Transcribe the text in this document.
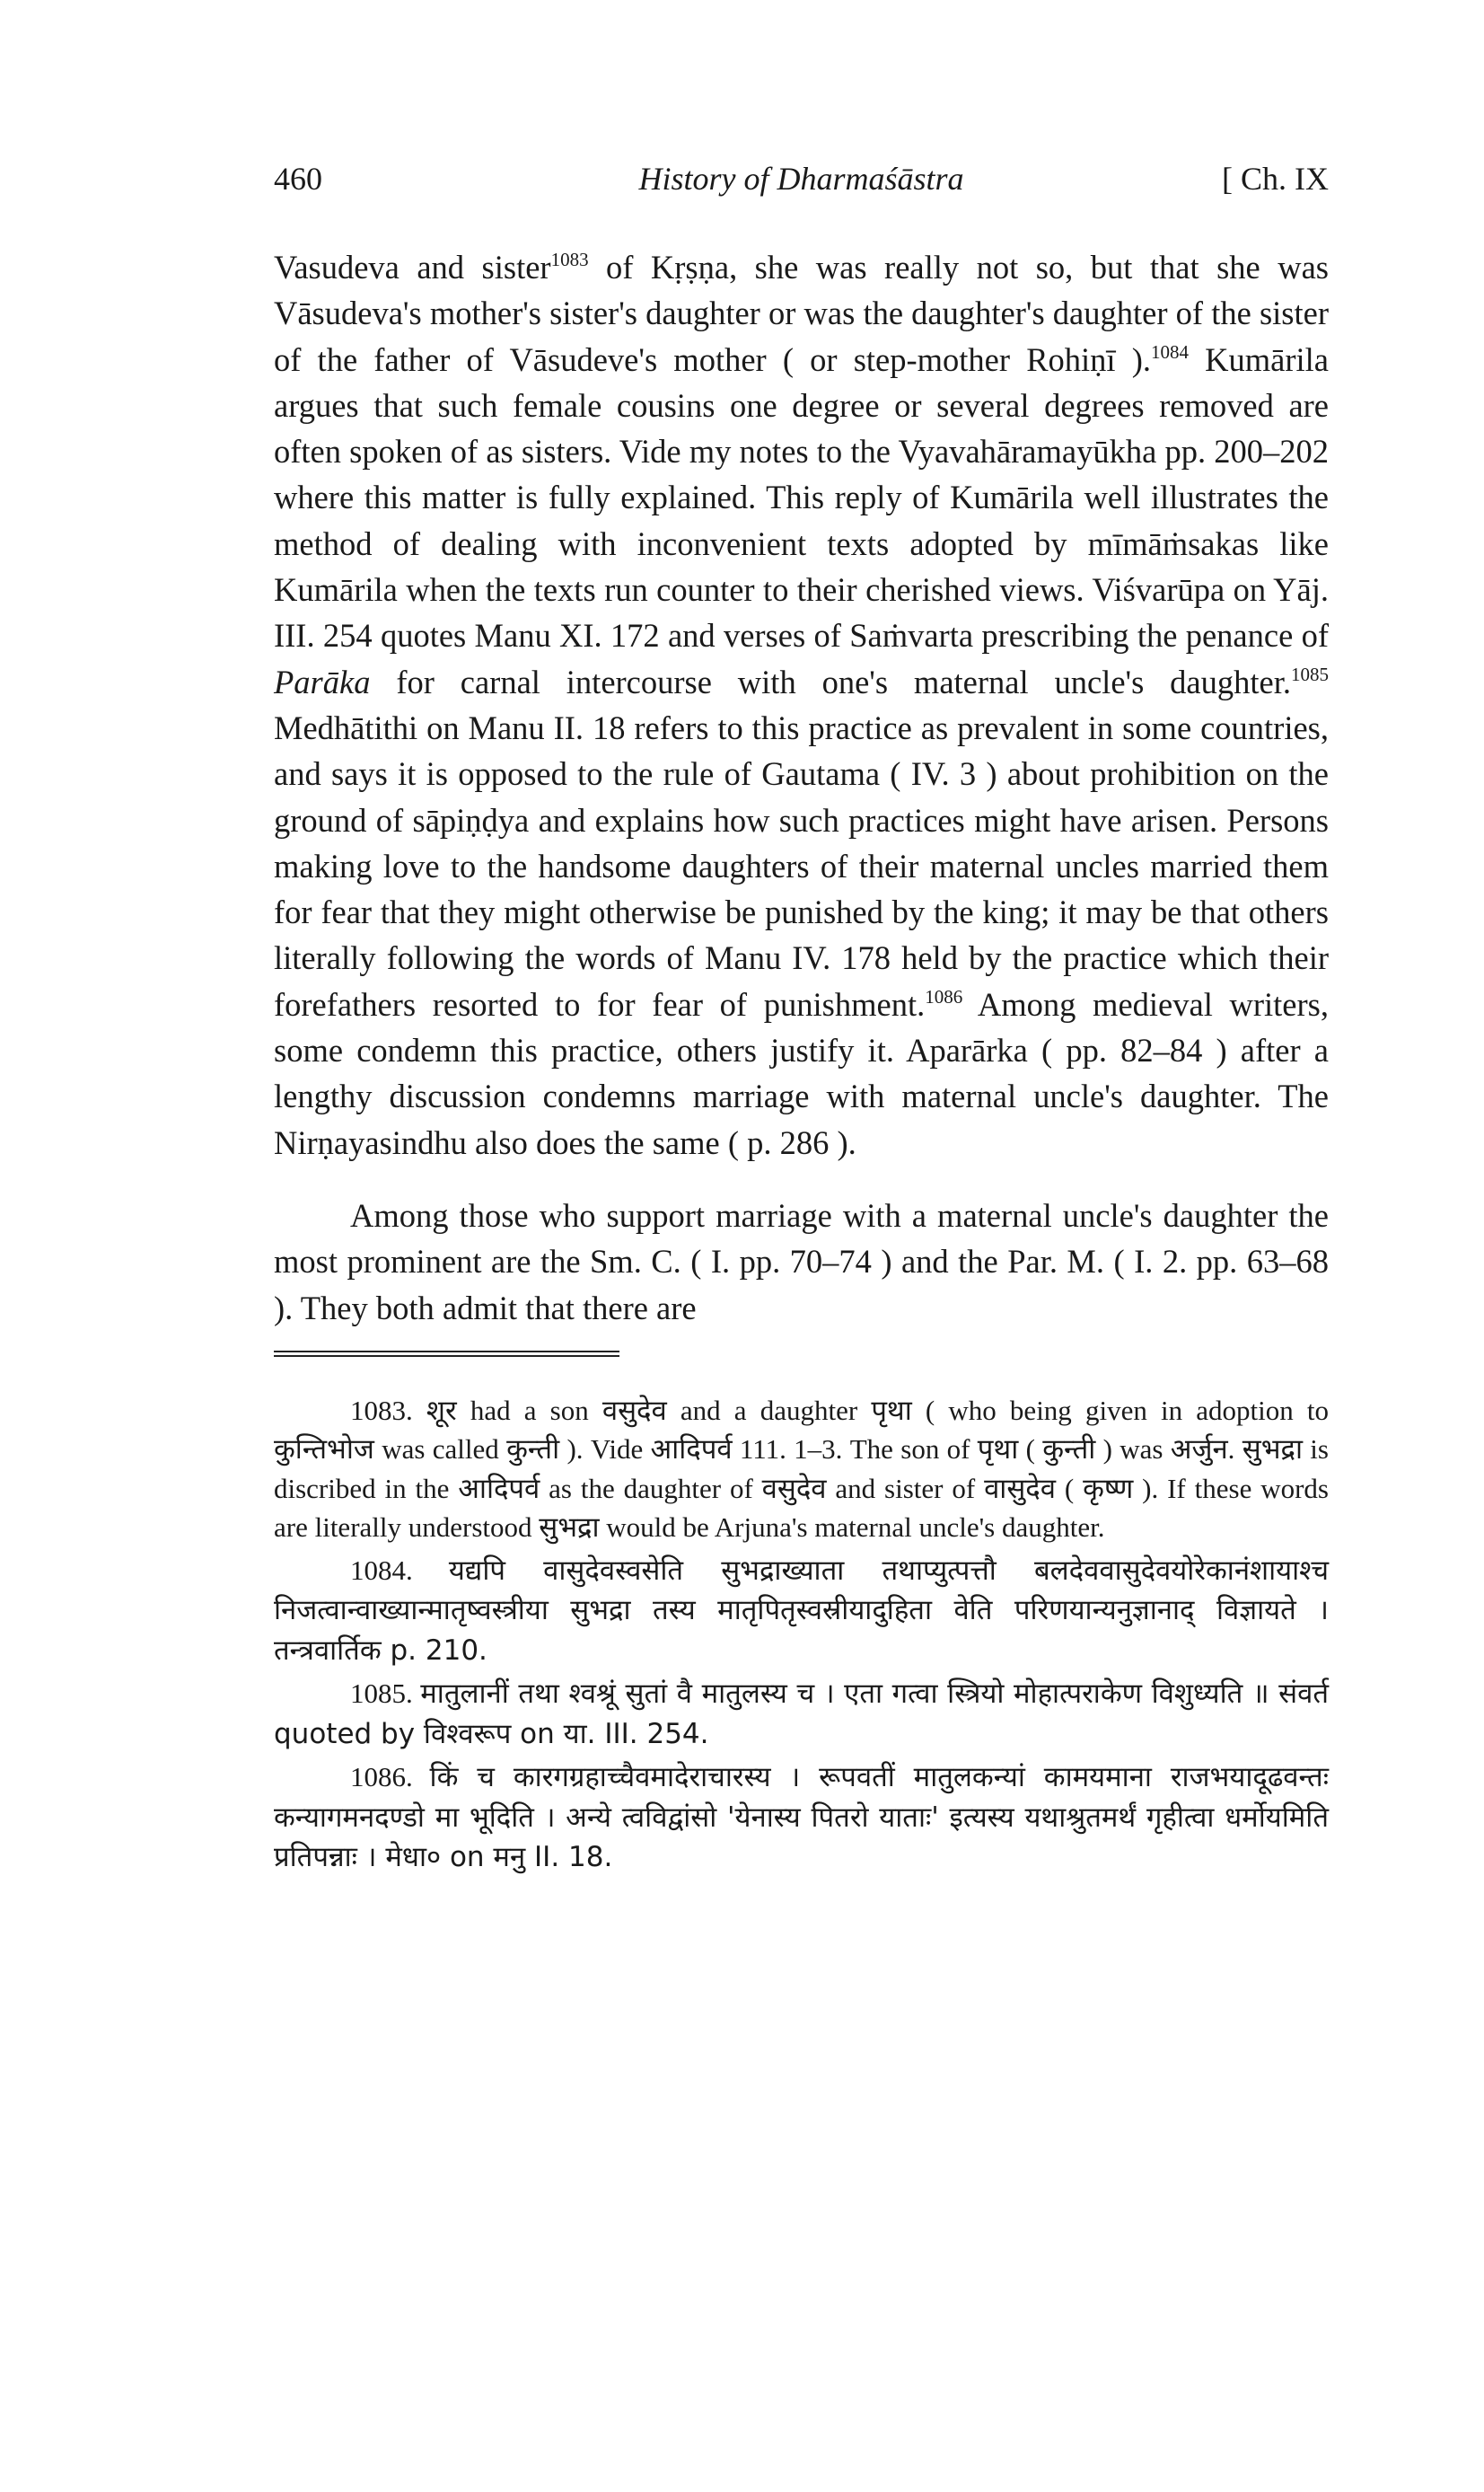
460	History of Dharmaśāstra	[ Ch. IX

Vasudeva and sister$^{1083}$ of Kṛṣṇa, she was really not so, but that she was Vāsudeva's mother's sister's daughter or was the daughter's daughter of the sister of the father of Vāsudeve's mother ( or step-mother Rohiṇī ).$^{1084}$ Kumārila argues that such female cousins one degree or several degrees removed are often spoken of as sisters. Vide my notes to the Vyavahāramayūkha pp. 200–202 where this matter is fully explained. This reply of Kumārila well illustrates the method of dealing with inconvenient texts adopted by mīmāṁsakas like Kumārila when the texts run counter to their cherished views. Viśvarūpa on Yāj. III. 254 quotes Manu XI. 172 and verses of Saṁvarta prescribing the penance of Parāka for carnal intercourse with one's maternal uncle's daughter.$^{1085}$ Medhātithi on Manu II. 18 refers to this practice as prevalent in some countries, and says it is opposed to the rule of Gautama ( IV. 3 ) about prohibition on the ground of sāpiṇḍya and explains how such practices might have arisen. Persons making love to the handsome daughters of their maternal uncles married them for fear that they might otherwise be punished by the king; it may be that others literally following the words of Manu IV. 178 held by the practice which their forefathers resorted to for fear of punishment.$^{1086}$ Among medieval writers, some condemn this practice, others justify it. Aparārka ( pp. 82–84 ) after a lengthy discussion condemns marriage with maternal uncle's daughter. The Nirṇayasindhu also does the same ( p. 286 ).

Among those who support marriage with a maternal uncle's daughter the most prominent are the Sm. C. ( I. pp. 70–74 ) and the Par. M. ( I. 2. pp. 63–68 ). They both admit that there are

1083. शूर had a son वसुदेव and a daughter पृथा ( who being given in adoption to कुन्तिभोज was called कुन्ती ). Vide आदिपर्व 111. 1–3. The son of पृथा ( कुन्ती ) was अर्जुन. सुभद्रा is discribed in the आदिपर्व as the daughter of वसुदेव and sister of वासुदेव ( कृष्ण ). If these words are literally understood सुभद्रा would be Arjuna's maternal uncle's daughter.

1084. यद्यपि वासुदेवस्वसेति सुभद्राख्याता तथाप्युत्पत्तौ बलदेववासुदेवयोरेकानंशायाश्च निजत्वान्वाख्यान्मातृष्वस्त्रीया सुभद्रा तस्य मातृपितृस्वस्रीयादुहिता वेति परिणयान्यनुज्ञानाद् विज्ञायते । तन्त्रवार्तिक p. 210.

1085. मातुलानीं तथा श्वश्रूं सुतां वै मातुलस्य च । एता गत्वा स्त्रियो मोहात्पराकेण विशुध्यति ॥ संवर्त quoted by विश्वरूप on या. III. 254.

1086. किं च कारगग्रहाच्चैवमादेराचारस्य । रूपवतीं मातुलकन्यां कामयमाना राजभयादूढवन्तः कन्यागमनदण्डो मा भूदिति । अन्ये त्वविद्वांसो 'येनास्य पितरो याताः' इत्यस्य यथाश्रुतमर्थं गृहीत्वा धर्मोयमिति प्रतिपन्नाः । मेधा० on मनु II. 18.
